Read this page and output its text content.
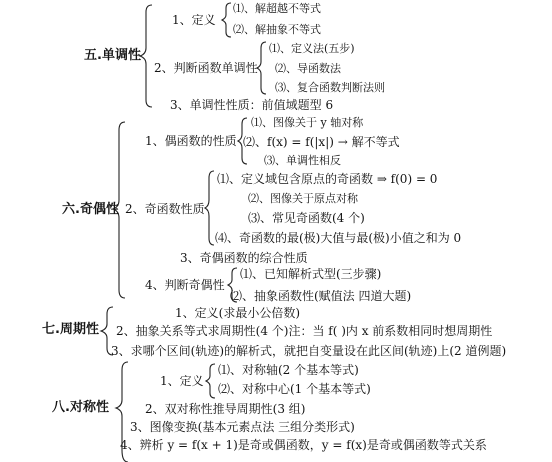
五.单调性
1、定义
⑴、解超越不等式
⑵、解抽象不等式
2、判断函数单调性
⑴、定义法(五步)
⑵、导函数法
⑶、复合函数判断法则
3、单调性性质：前值域题型 6
六.奇偶性
1、偶函数的性质
⑴、图像关于 y 轴对称
⑵、f(x) = f(|x|) → 解不等式
⑶、单调性相反
2、奇函数性质
⑴、定义域包含原点的奇函数 ⇒ f(0) = 0
⑵、图像关于原点对称
⑶、常见奇函数(4 个)
⑷、奇函数的最(极)大值与最(极)小值之和为 0
3、奇偶函数的综合性质
4、判断奇偶性
⑴、已知解析式型(三步骤)
⑵、抽象函数性(赋值法 四道大题)
七.周期性
1、定义(求最小公倍数)
2、抽象关系等式求周期性(4 个)注：当 f( )内 x 前系数相同时想周期性
3、求哪个区间(轨迹)的解析式，就把自变量设在此区间(轨迹)上(2 道例题)
八.对称性
1、定义
⑴、对称轴(2 个基本等式)
⑵、对称中心(1 个基本等式)
2、双对称性推导周期性(3 组)
3、图像变换(基本元素点法 三组分类形式)
4、辨析 y = f(x + 1)是奇或偶函数，y = f(x)是奇或偶函数等式关系
